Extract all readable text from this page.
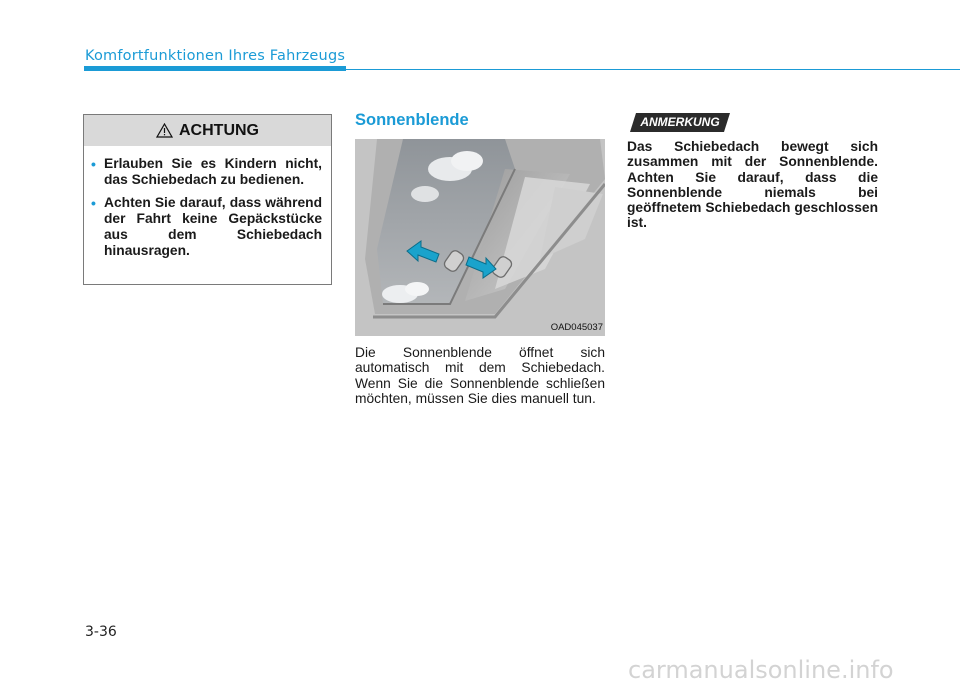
Komfortfunktionen Ihres Fahrzeugs
ACHTUNG
• Erlauben Sie es Kindern nicht, das Schiebedach zu bedienen.
• Achten Sie darauf, dass während der Fahrt keine Gepäckstücke aus dem Schiebedach hinausragen.
Sonnenblende
OAD045037

Die Sonnenblende öffnet sich automatisch mit dem Schiebedach. Wenn Sie die Sonnenblende schließen möchten, müssen Sie dies manuell tun.

ANMERKUNG

Das Schiebedach bewegt sich zusammen mit der Sonnenblende. Achten Sie darauf, dass die Sonnenblende niemals bei geöffnetem Schiebedach geschlossen ist.

3-36
carmanualsonline.info
